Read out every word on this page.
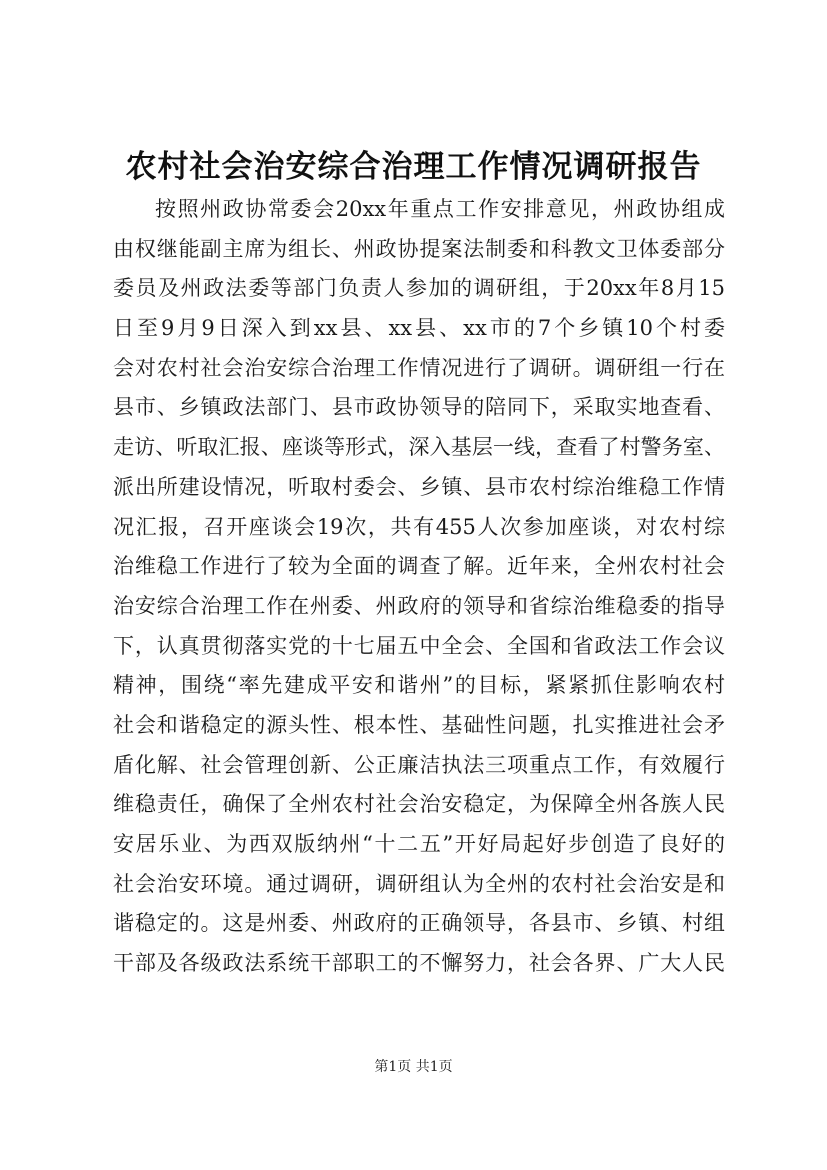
农村社会治安综合治理工作情况调研报告
按照州政协常委会20xx年重点工作安排意见，州政协组成
由权继能副主席为组长、州政协提案法制委和科教文卫体委部分
委员及州政法委等部门负责人参加的调研组，于20xx年8月15
日至9月9日深入到xx县、xx县、xx市的7个乡镇10个村委
会对农村社会治安综合治理工作情况进行了调研。调研组一行在
县市、乡镇政法部门、县市政协领导的陪同下，采取实地查看、
走访、听取汇报、座谈等形式，深入基层一线，查看了村警务室、
派出所建设情况，听取村委会、乡镇、县市农村综治维稳工作情
况汇报，召开座谈会19次，共有455人次参加座谈，对农村综
治维稳工作进行了较为全面的调查了解。近年来，全州农村社会
治安综合治理工作在州委、州政府的领导和省综治维稳委的指导
下，认真贯彻落实党的十七届五中全会、全国和省政法工作会议
精神，围绕“率先建成平安和谐州”的目标，紧紧抓住影响农村
社会和谐稳定的源头性、根本性、基础性问题，扎实推进社会矛
盾化解、社会管理创新、公正廉洁执法三项重点工作，有效履行
维稳责任，确保了全州农村社会治安稳定，为保障全州各族人民
安居乐业、为西双版纳州“十二五”开好局起好步创造了良好的
社会治安环境。通过调研，调研组认为全州的农村社会治安是和
谐稳定的。这是州委、州政府的正确领导，各县市、乡镇、村组
干部及各级政法系统干部职工的不懈努力，社会各界、广大人民
第1页 共1页
